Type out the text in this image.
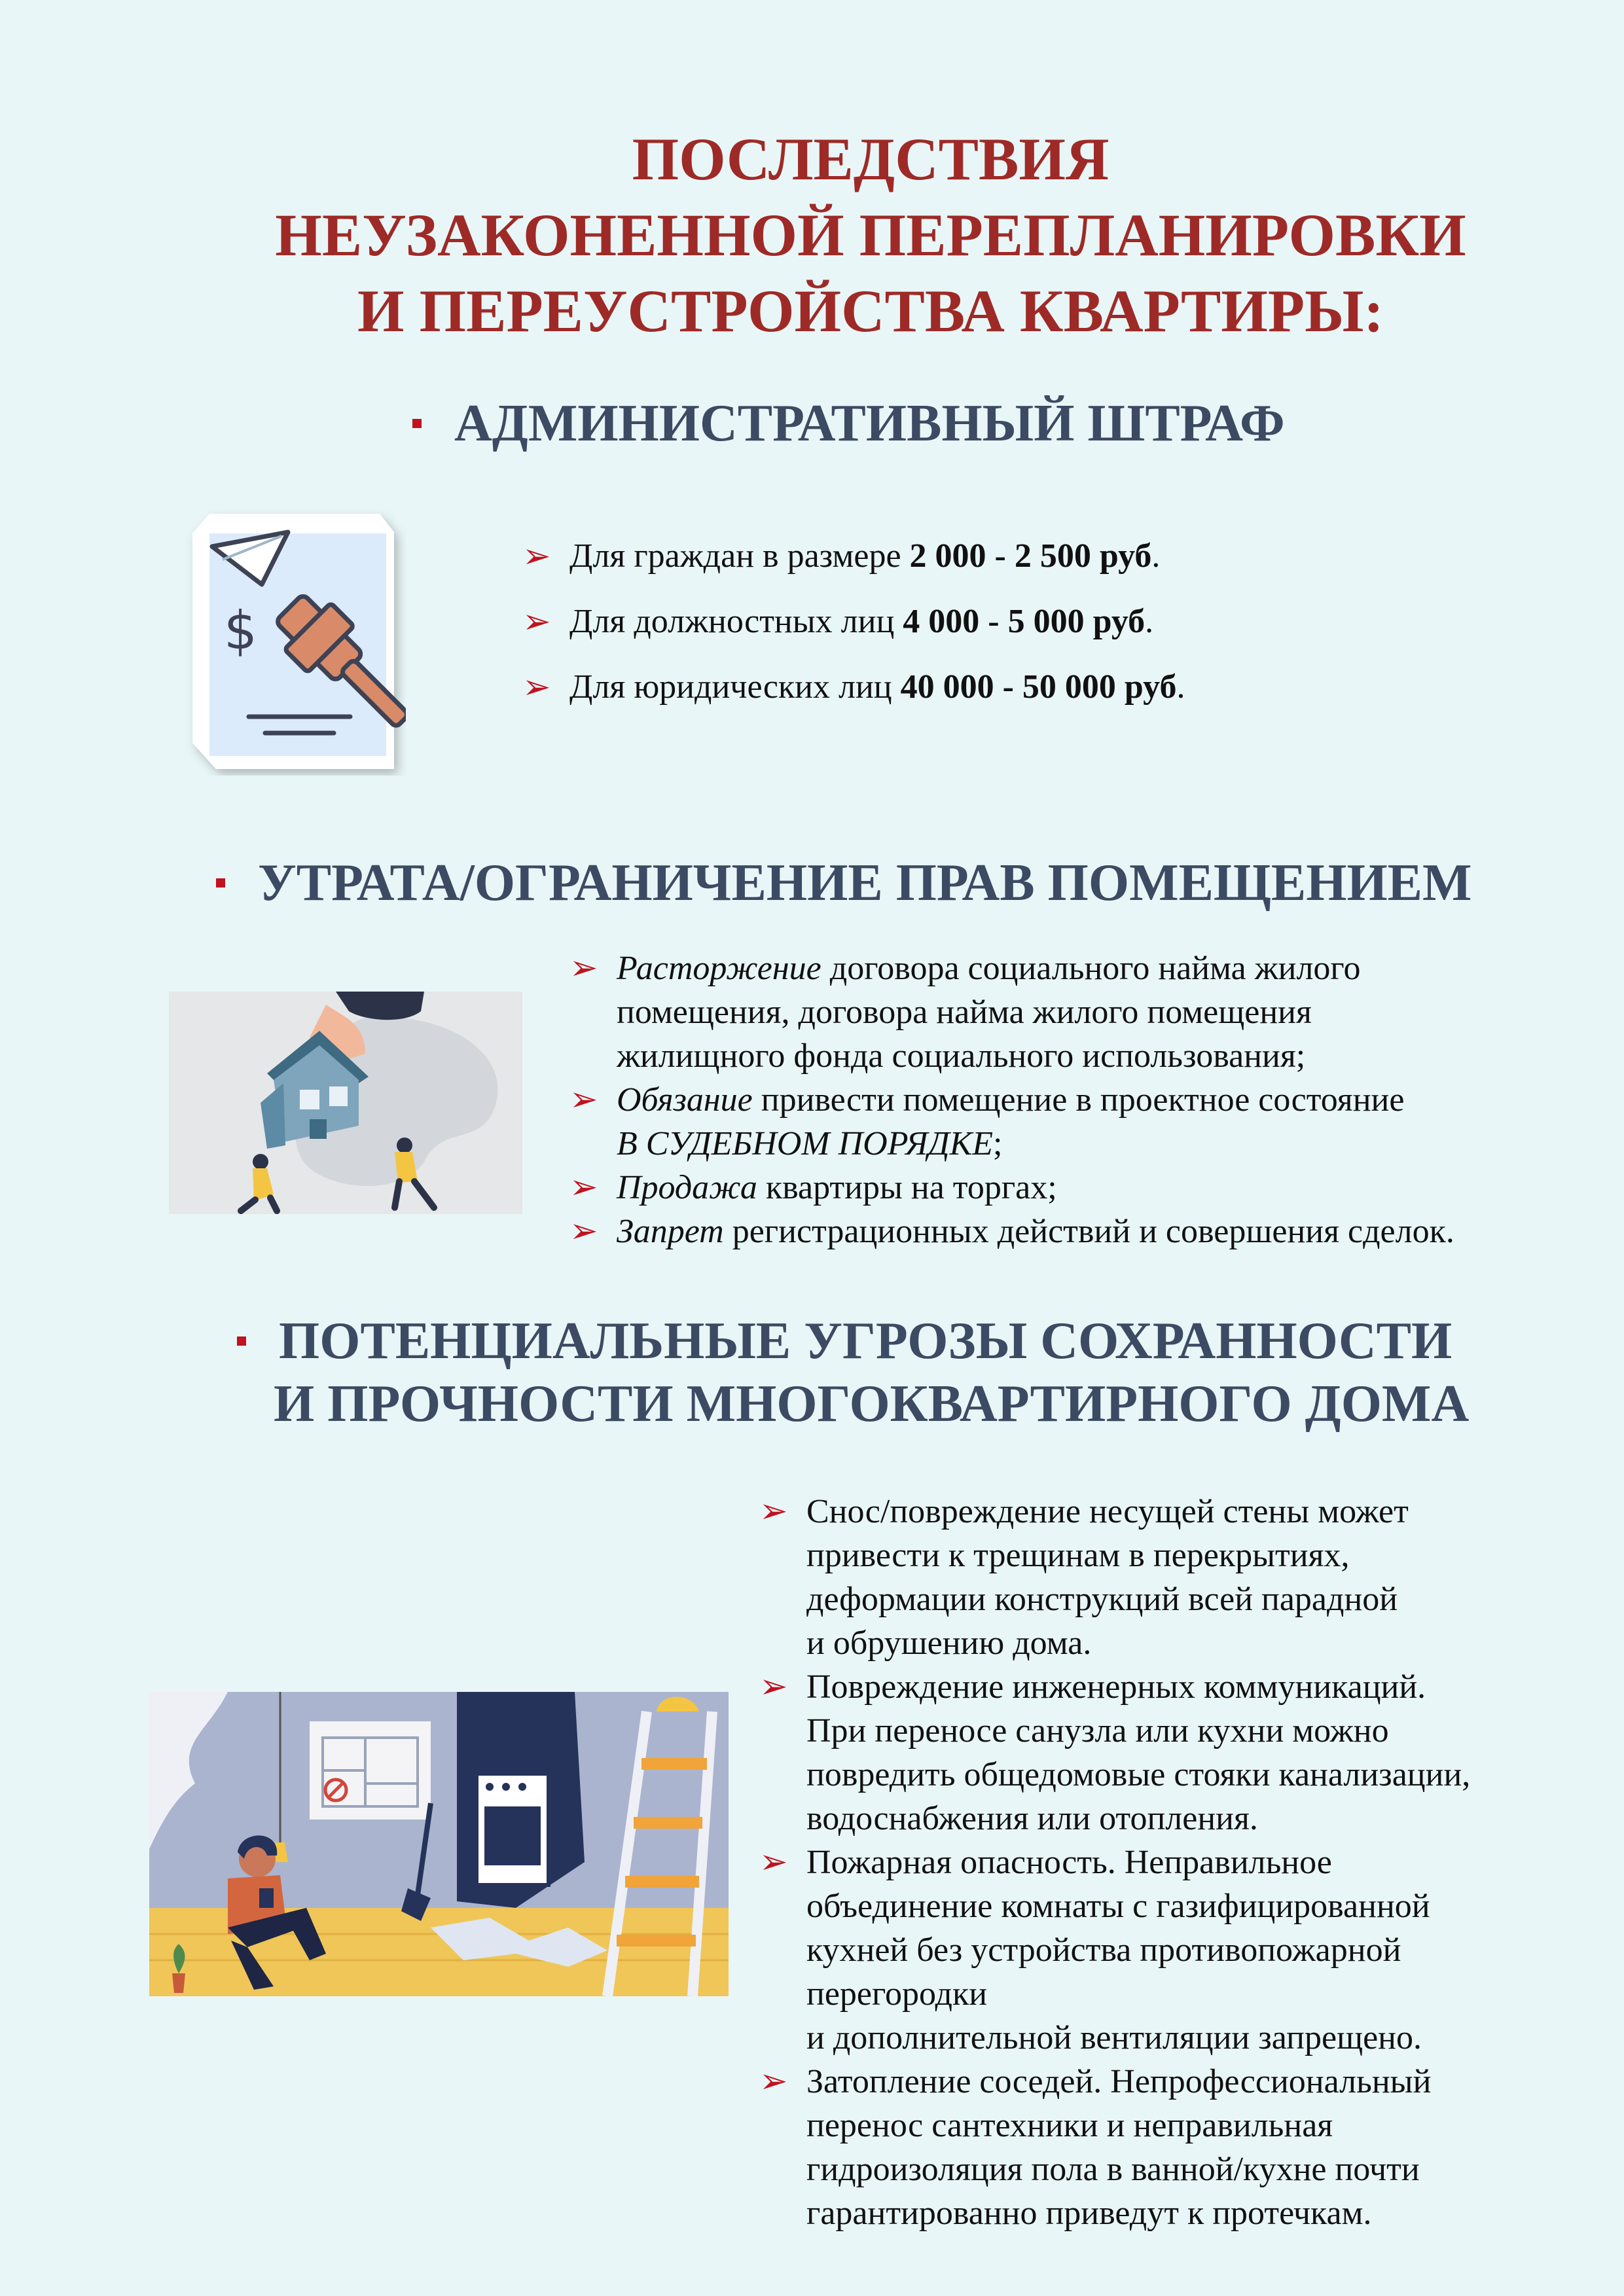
ПОСЛЕДСТВИЯ
НЕУЗАКОНЕННОЙ ПЕРЕПЛАНИРОВКИ
И ПЕРЕУСТРОЙСТВА КВАРТИРЫ:
АДМИНИСТРАТИВНЫЙ ШТРАФ
$
➢ Для граждан в размере 2 000 - 2 500 руб.
➢ Для должностных лиц 4 000 - 5 000 руб.
➢ Для юридических лиц 40 000 - 50 000 руб.
УТРАТА/ОГРАНИЧЕНИЕ ПРАВ ПОМЕЩЕНИЕМ
➢ Расторжение договора социального найма жилого
помещения, договора найма жилого помещения
жилищного фонда социального использования;
➢ Обязание привести помещение в проектное состояние
В СУДЕБНОМ ПОРЯДКЕ;
➢ Продажа квартиры на торгах;
➢ Запрет регистрационных действий и совершения сделок.
ПОТЕНЦИАЛЬНЫЕ УГРОЗЫ СОХРАННОСТИ
И ПРОЧНОСТИ МНОГОКВАРТИРНОГО ДОМА
➢ Снос/повреждение несущей стены может
привести к трещинам в перекрытиях,
деформации конструкций всей парадной
и обрушению дома.
➢ Повреждение инженерных коммуникаций.
При переносе санузла или кухни можно
повредить общедомовые стояки канализации,
водоснабжения или отопления.
➢ Пожарная опасность. Неправильное
объединение комнаты с газифицированной
кухней без устройства противопожарной
перегородки
и дополнительной вентиляции запрещено.
➢ Затопление соседей. Непрофессиональный
перенос сантехники и неправильная
гидроизоляция пола в ванной/кухне почти
гарантированно приведут к протечкам.
